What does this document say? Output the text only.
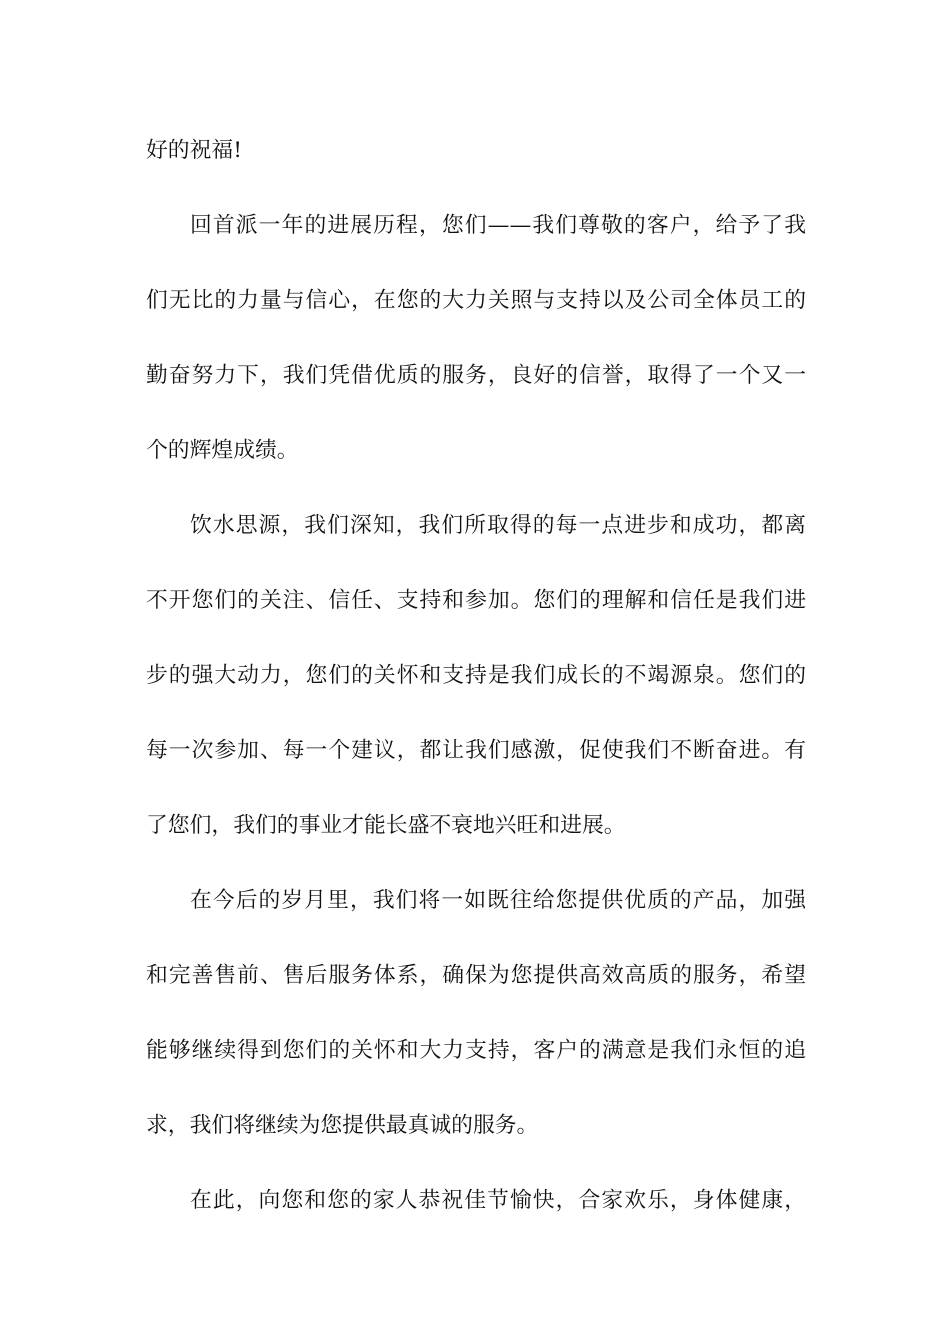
好的祝福!
回首派一年的进展历程，您们——我们尊敬的客户，给予了我
们无比的力量与信心，在您的大力关照与支持以及公司全体员工的
勤奋努力下，我们凭借优质的服务，良好的信誉，取得了一个又一
个的辉煌成绩。
饮水思源，我们深知，我们所取得的每一点进步和成功，都离
不开您们的关注、信任、支持和参加。您们的理解和信任是我们进
步的强大动力，您们的关怀和支持是我们成长的不竭源泉。您们的
每一次参加、每一个建议，都让我们感激，促使我们不断奋进。有
了您们，我们的事业才能长盛不衰地兴旺和进展。
在今后的岁月里，我们将一如既往给您提供优质的产品，加强
和完善售前、售后服务体系，确保为您提供高效高质的服务，希望
能够继续得到您们的关怀和大力支持，客户的满意是我们永恒的追
求，我们将继续为您提供最真诚的服务。
在此，向您和您的家人恭祝佳节愉快，合家欢乐，身体健康，
